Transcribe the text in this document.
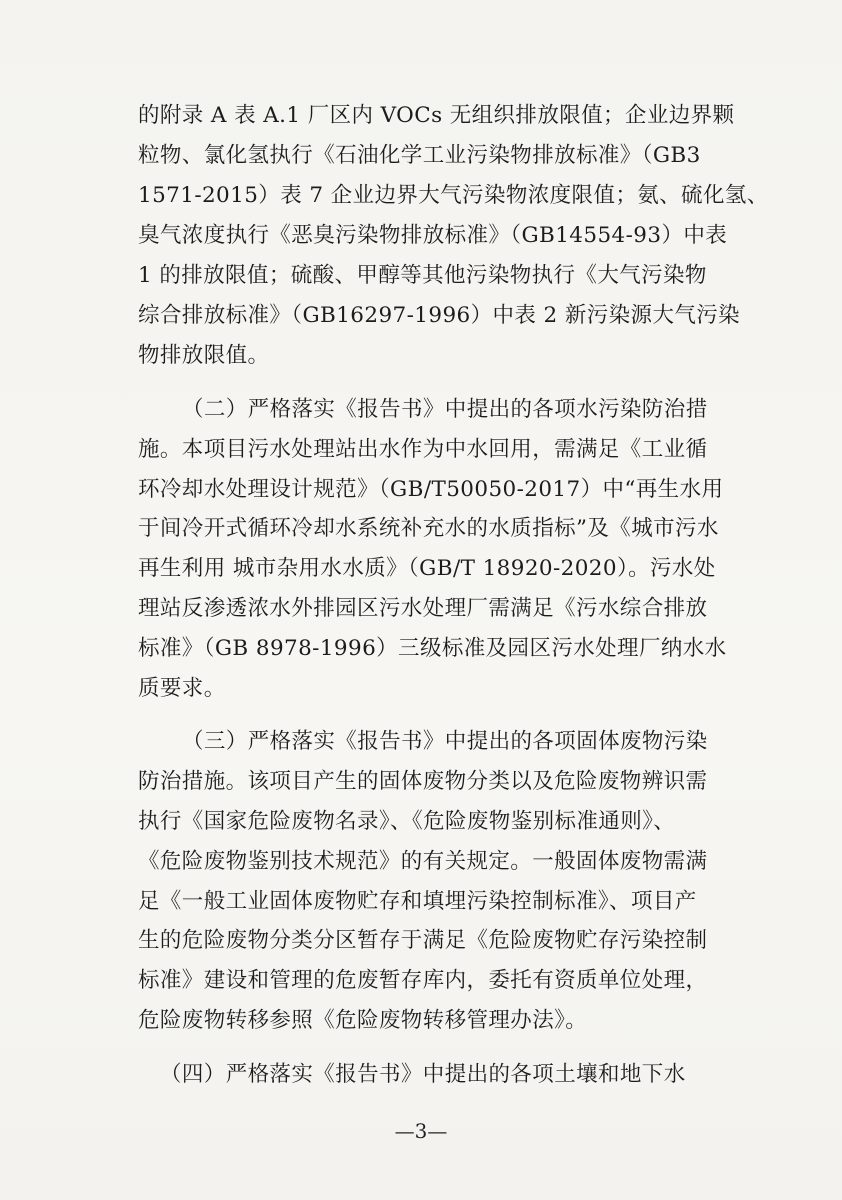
的附录 A 表 A.1 厂区内 VOCs 无组织排放限值；企业边界颗
粒物、氯化氢执行《石油化学工业污染物排放标准》（GB3
1571-2015）表 7 企业边界大气污染物浓度限值；氨、硫化氢、
臭气浓度执行《恶臭污染物排放标准》（GB14554-93）中表
1 的排放限值；硫酸、甲醇等其他污染物执行《大气污染物
综合排放标准》（GB16297-1996）中表 2 新污染源大气污染
物排放限值。
（二）严格落实《报告书》中提出的各项水污染防治措
施。本项目污水处理站出水作为中水回用，需满足《工业循
环冷却水处理设计规范》（GB/T50050-2017）中“再生水用
于间冷开式循环冷却水系统补充水的水质指标”及《城市污水
再生利用 城市杂用水水质》（GB/T 18920-2020）。污水处
理站反渗透浓水外排园区污水处理厂需满足《污水综合排放
标准》（GB 8978-1996）三级标准及园区污水处理厂纳水水
质要求。
（三）严格落实《报告书》中提出的各项固体废物污染
防治措施。该项目产生的固体废物分类以及危险废物辨识需
执行《国家危险废物名录》、《危险废物鉴别标准通则》、
《危险废物鉴别技术规范》的有关规定。一般固体废物需满
足《一般工业固体废物贮存和填埋污染控制标准》、项目产
生的危险废物分类分区暂存于满足《危险废物贮存污染控制
标准》建设和管理的危废暂存库内，委托有资质单位处理，
危险废物转移参照《危险废物转移管理办法》。
（四）严格落实《报告书》中提出的各项土壤和地下水
—3—
